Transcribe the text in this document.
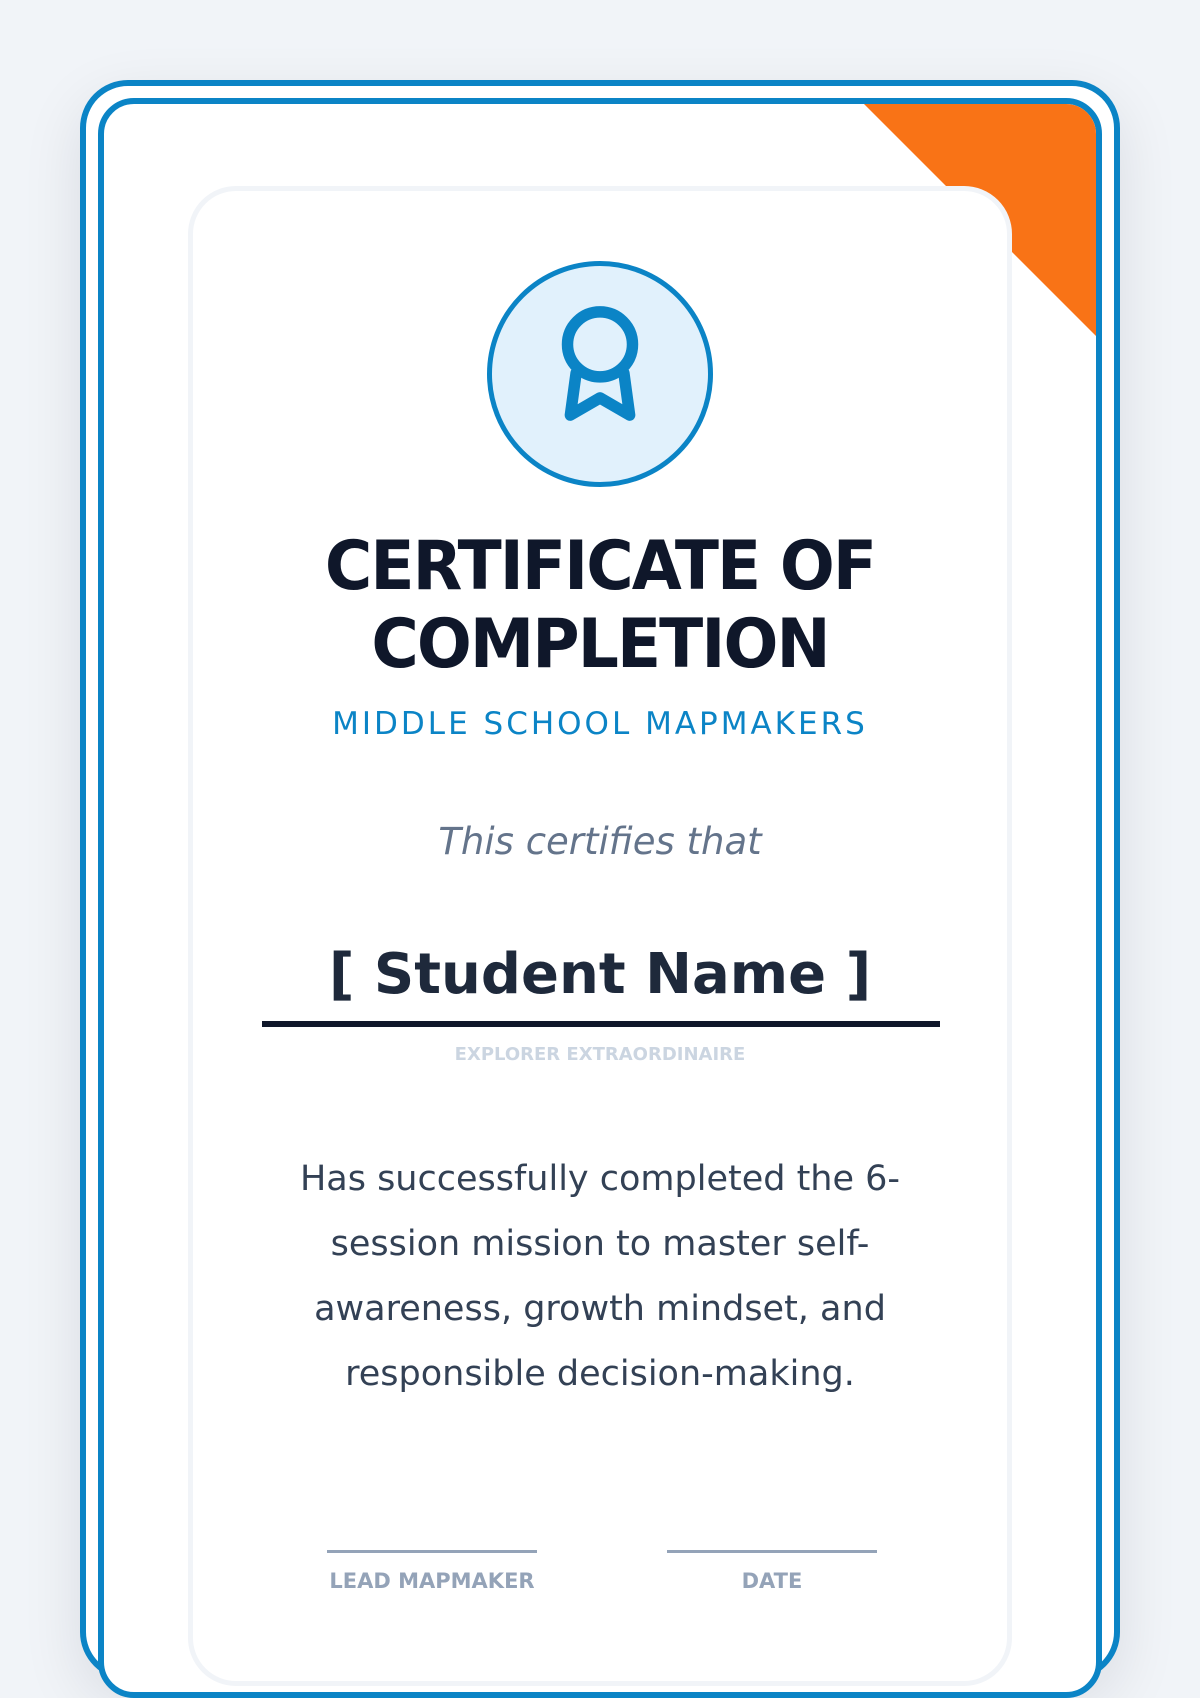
CERTIFICATE OF
COMPLETION
MIDDLE SCHOOL MAPMAKERS
This certifies that
[ Student Name ]
EXPLORER EXTRAORDINAIRE
Has successfully completed the 6-session mission to master self-awareness, growth mindset, and responsible decision-making.
LEAD MAPMAKER	DATE
